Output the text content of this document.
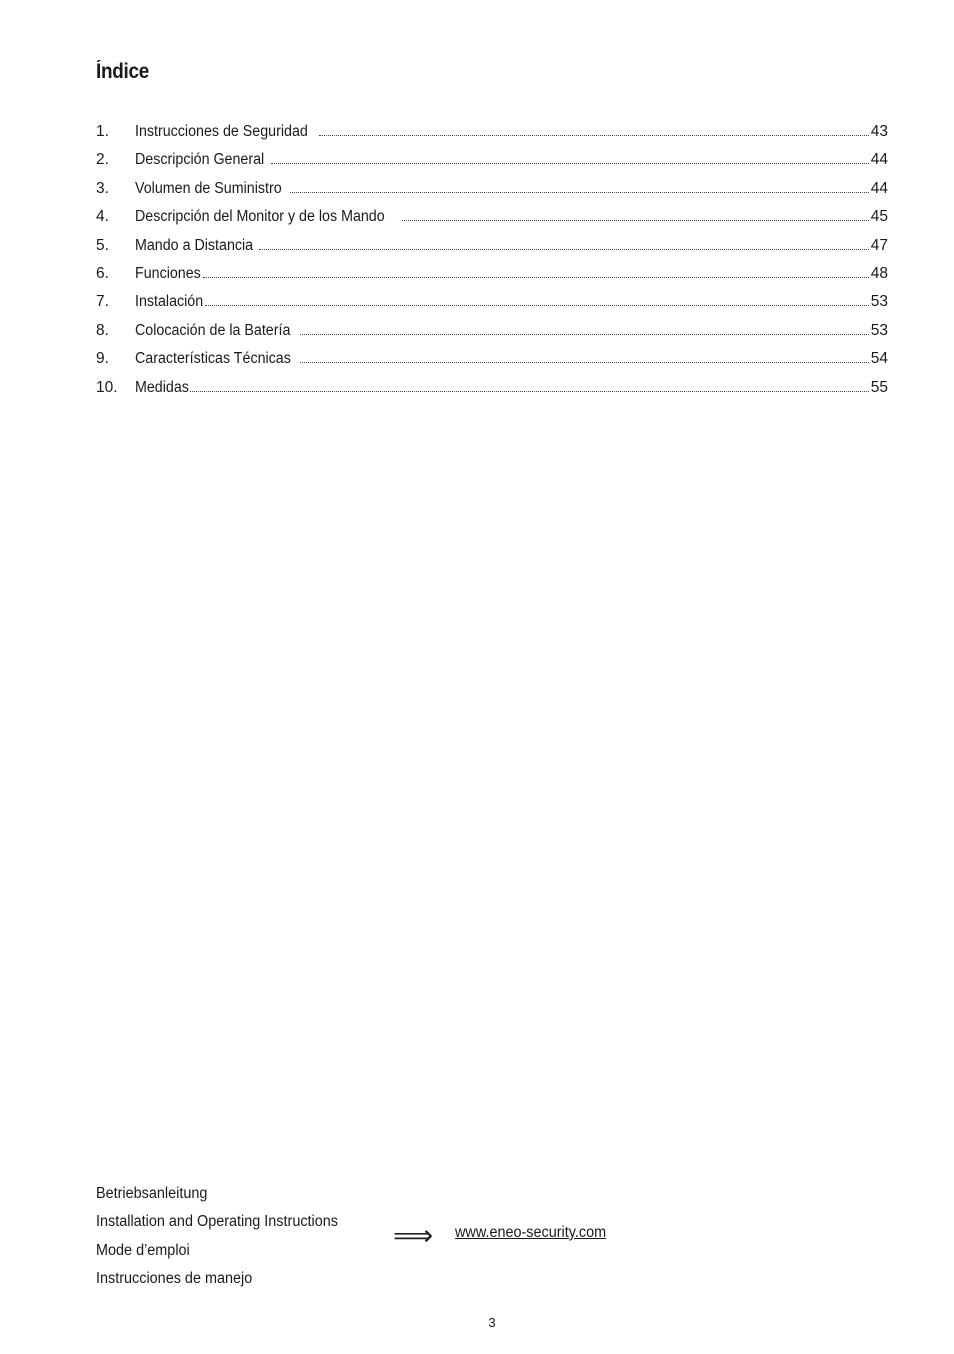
Índice
1.	Instrucciones de Seguridad	43
2.	Descripción General	44
3.	Volumen de Suministro	44
4.	Descripción del Monitor y de los Mando	45
5.	Mando a Distancia	47
6.	Funciones	48
7.	Instalación	53
8.	Colocación de la Batería	53
9.	Características Técnicas	54
10.	Medidas	55
Betriebsanleitung
Installation and Operating Instructions
Mode d’emploi
Instrucciones de manejo
⟹ www.eneo-security.com
3
